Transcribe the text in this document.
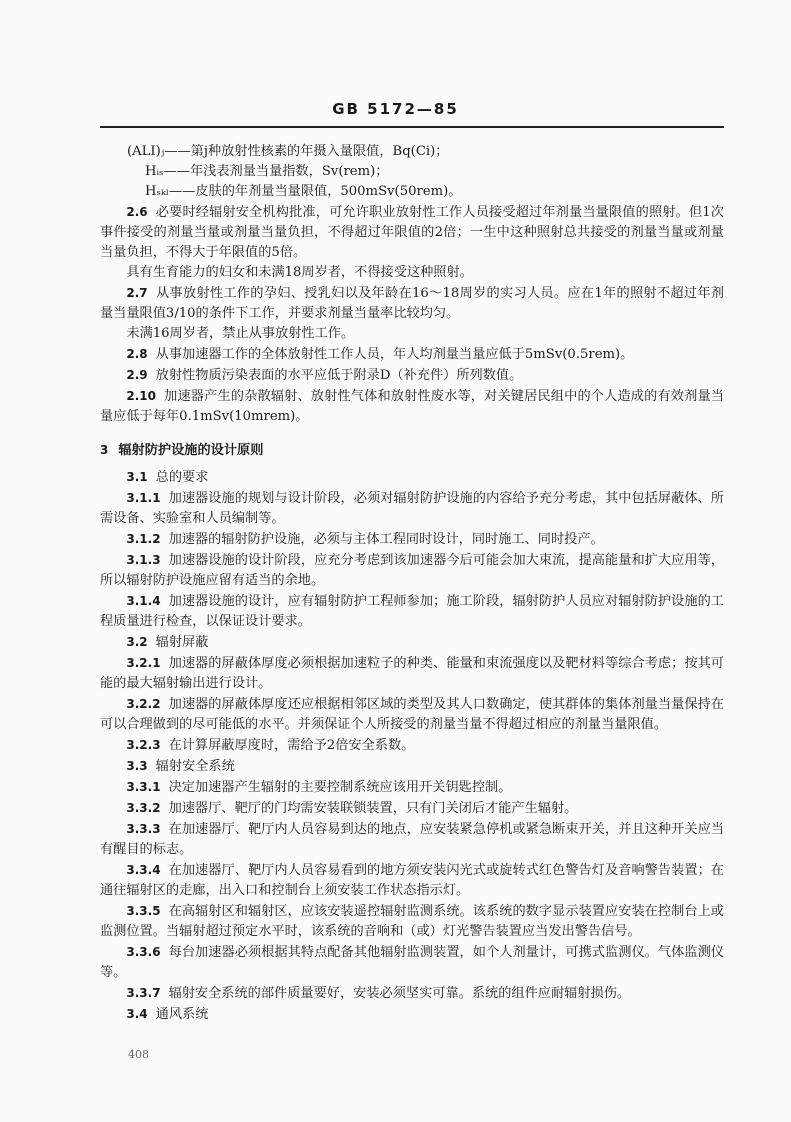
GB 5172—85

(ALI)ⱼ——第j种放射性核素的年摄入量限值，Bq(Ci)；

Hᵢₛ——年浅表剂量当量指数，Sv(rem)；

Hₛₖₗ——皮肤的年剂量当量限值，500mSv(50rem)。

2.6 必要时经辐射安全机构批准，可允许职业放射性工作人员接受超过年剂量当量限值的照射。但1次事件接受的剂量当量或剂量当量负担，不得超过年限值的2倍；一生中这种照射总共接受的剂量当量或剂量当量负担，不得大于年限值的5倍。

具有生育能力的妇女和未满18周岁者，不得接受这种照射。

2.7 从事放射性工作的孕妇、授乳妇以及年龄在16～18周岁的实习人员。应在1年的照射不超过年剂量当量限值3/10的条件下工作，并要求剂量当量率比较均匀。

未满16周岁者，禁止从事放射性工作。

2.8 从事加速器工作的全体放射性工作人员，年人均剂量当量应低于5mSv(0.5rem)。

2.9 放射性物质污染表面的水平应低于附录D（补充件）所列数值。

2.10 加速器产生的杂散辐射、放射性气体和放射性废水等，对关键居民组中的个人造成的有效剂量当量应低于每年0.1mSv(10mrem)。

3 辐射防护设施的设计原则

3.1 总的要求

3.1.1 加速器设施的规划与设计阶段，必须对辐射防护设施的内容给予充分考虑，其中包括屏蔽体、所需设备、实验室和人员编制等。

3.1.2 加速器的辐射防护设施，必须与主体工程同时设计，同时施工、同时投产。

3.1.3 加速器设施的设计阶段，应充分考虑到该加速器今后可能会加大束流，提高能量和扩大应用等，所以辐射防护设施应留有适当的余地。

3.1.4 加速器设施的设计，应有辐射防护工程师参加；施工阶段，辐射防护人员应对辐射防护设施的工程质量进行检查，以保证设计要求。

3.2 辐射屏蔽

3.2.1 加速器的屏蔽体厚度必须根据加速粒子的种类、能量和束流强度以及靶材料等综合考虑；按其可能的最大辐射输出进行设计。

3.2.2 加速器的屏蔽体厚度还应根据相邻区域的类型及其人口数确定，使其群体的集体剂量当量保持在可以合理做到的尽可能低的水平。并须保证个人所接受的剂量当量不得超过相应的剂量当量限值。

3.2.3 在计算屏蔽厚度时，需给予2倍安全系数。

3.3 辐射安全系统

3.3.1 决定加速器产生辐射的主要控制系统应该用开关钥匙控制。

3.3.2 加速器厅、靶厅的门均需安装联锁装置，只有门关闭后才能产生辐射。

3.3.3 在加速器厅、靶厅内人员容易到达的地点，应安装紧急停机或紧急断束开关，并且这种开关应当有醒目的标志。

3.3.4 在加速器厅、靶厅内人员容易看到的地方须安装闪光式或旋转式红色警告灯及音响警告装置；在通往辐射区的走廊，出入口和控制台上须安装工作状态指示灯。

3.3.5 在高辐射区和辐射区，应该安装遥控辐射监测系统。该系统的数字显示装置应安装在控制台上或监测位置。当辐射超过预定水平时，该系统的音响和（或）灯光警告装置应当发出警告信号。

3.3.6 每台加速器必须根据其特点配备其他辐射监测装置，如个人剂量计，可携式监测仪。气体监测仪等。

3.3.7 辐射安全系统的部件质量要好，安装必须坚实可靠。系统的组件应耐辐射损伤。

3.4 通风系统

408
